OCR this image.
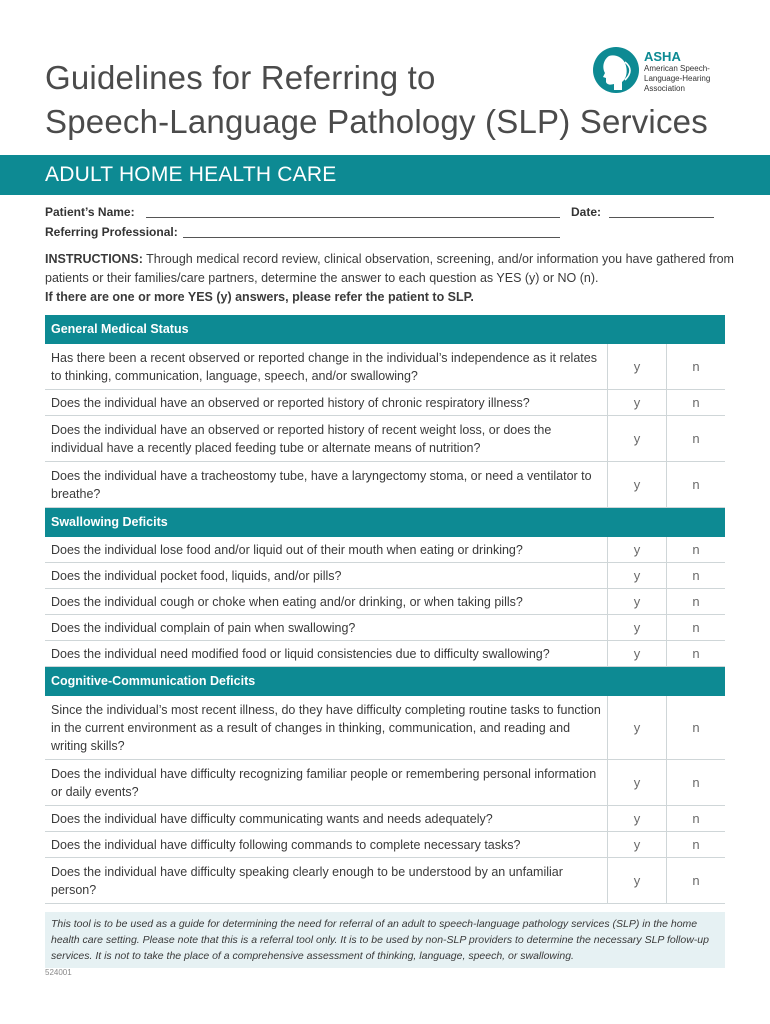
Guidelines for Referring to
Speech-Language Pathology (SLP) Services
ASHA
American Speech-Language-Hearing Association
ADULT HOME HEALTH CARE
Patient’s Name:	Date:
Referring Professional:

INSTRUCTIONS: Through medical record review, clinical observation, screening, and/or information you have gathered from patients or their families/care partners, determine the answer to each question as YES (y) or NO (n).
If there are one or more YES (y) answers, please refer the patient to SLP.

General Medical Status
Has there been a recent observed or reported change in the individual’s independence as it relates to thinking, communication, language, speech, and/or swallowing?
y	n
Does the individual have an observed or reported history of chronic respiratory illness?	y	n
Does the individual have an observed or reported history of recent weight loss, or does the individual have a recently placed feeding tube or alternate means of nutrition?
y	n
Does the individual have a tracheostomy tube, have a laryngectomy stoma, or need a ventilator to breathe?
y	n
Swallowing Deficits
Does the individual lose food and/or liquid out of their mouth when eating or drinking?	y	n
Does the individual pocket food, liquids, and/or pills?	y	n
Does the individual cough or choke when eating and/or drinking, or when taking pills?	y	n
Does the individual complain of pain when swallowing?	y	n
Does the individual need modified food or liquid consistencies due to difficulty swallowing?	y	n
Cognitive-Communication Deficits
Since the individual’s most recent illness, do they have difficulty completing routine tasks to function in the current environment as a result of changes in thinking, communication, and reading and writing skills?
y	n
Does the individual have difficulty recognizing familiar people or remembering personal information or daily events?
y	n
Does the individual have difficulty communicating wants and needs adequately?	y	n
Does the individual have difficulty following commands to complete necessary tasks?	y	n
Does the individual have difficulty speaking clearly enough to be understood by an unfamiliar person?
y	n
This tool is to be used as a guide for determining the need for referral of an adult to speech-language pathology services (SLP) in the home health care setting. Please note that this is a referral tool only. It is to be used by non-SLP providers to determine the necessary SLP follow-up services. It is not to take the place of a comprehensive assessment of thinking, language, speech, or swallowing.
524001
